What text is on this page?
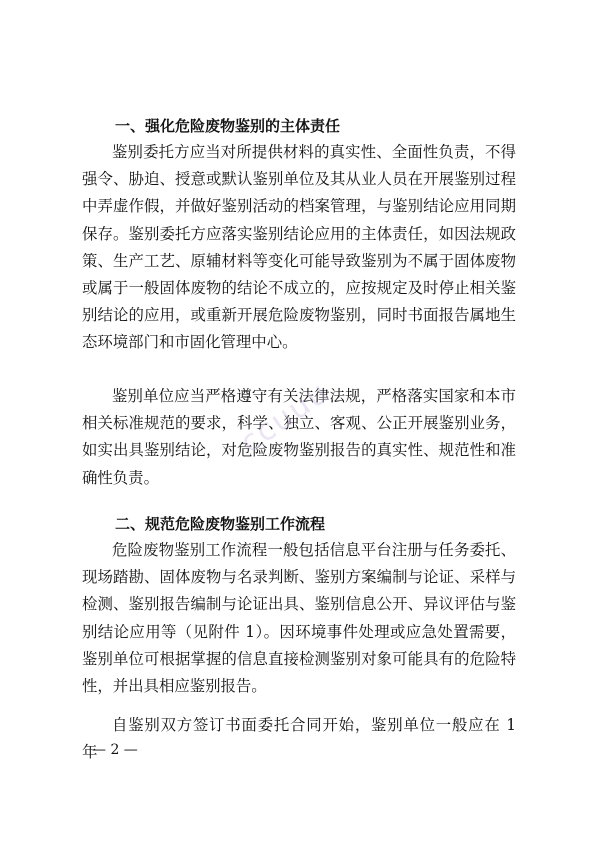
一、强化危险废物鉴别的主体责任

鉴别委托方应当对所提供材料的真实性、全面性负责，不得强令、胁迫、授意或默认鉴别单位及其从业人员在开展鉴别过程中弄虚作假，并做好鉴别活动的档案管理，与鉴别结论应用同期保存。鉴别委托方应落实鉴别结论应用的主体责任，如因法规政策、生产工艺、原辅材料等变化可能导致鉴别为不属于固体废物或属于一般固体废物的结论不成立的，应按规定及时停止相关鉴别结论的应用，或重新开展危险废物鉴别，同时书面报告属地生态环境部门和市固化管理中心。

鉴别单位应当严格遵守有关法律法规，严格落实国家和本市相关标准规范的要求，科学、独立、客观、公正开展鉴别业务，如实出具鉴别结论，对危险废物鉴别报告的真实性、规范性和准确性负责。

二、规范危险废物鉴别工作流程

危险废物鉴别工作流程一般包括信息平台注册与任务委托、现场踏勘、固体废物与名录判断、鉴别方案编制与论证、采样与检测、鉴别报告编制与论证出具、鉴别信息公开、异议评估与鉴别结论应用等（见附件 1）。因环境事件处理或应急处置需要，鉴别单位可根据掌握的信息直接检测鉴别对象可能具有的危险特性，并出具相应鉴别报告。

自鉴别双方签订书面委托合同开始，鉴别单位一般应在 1 年

— 2 —
ccuuu
